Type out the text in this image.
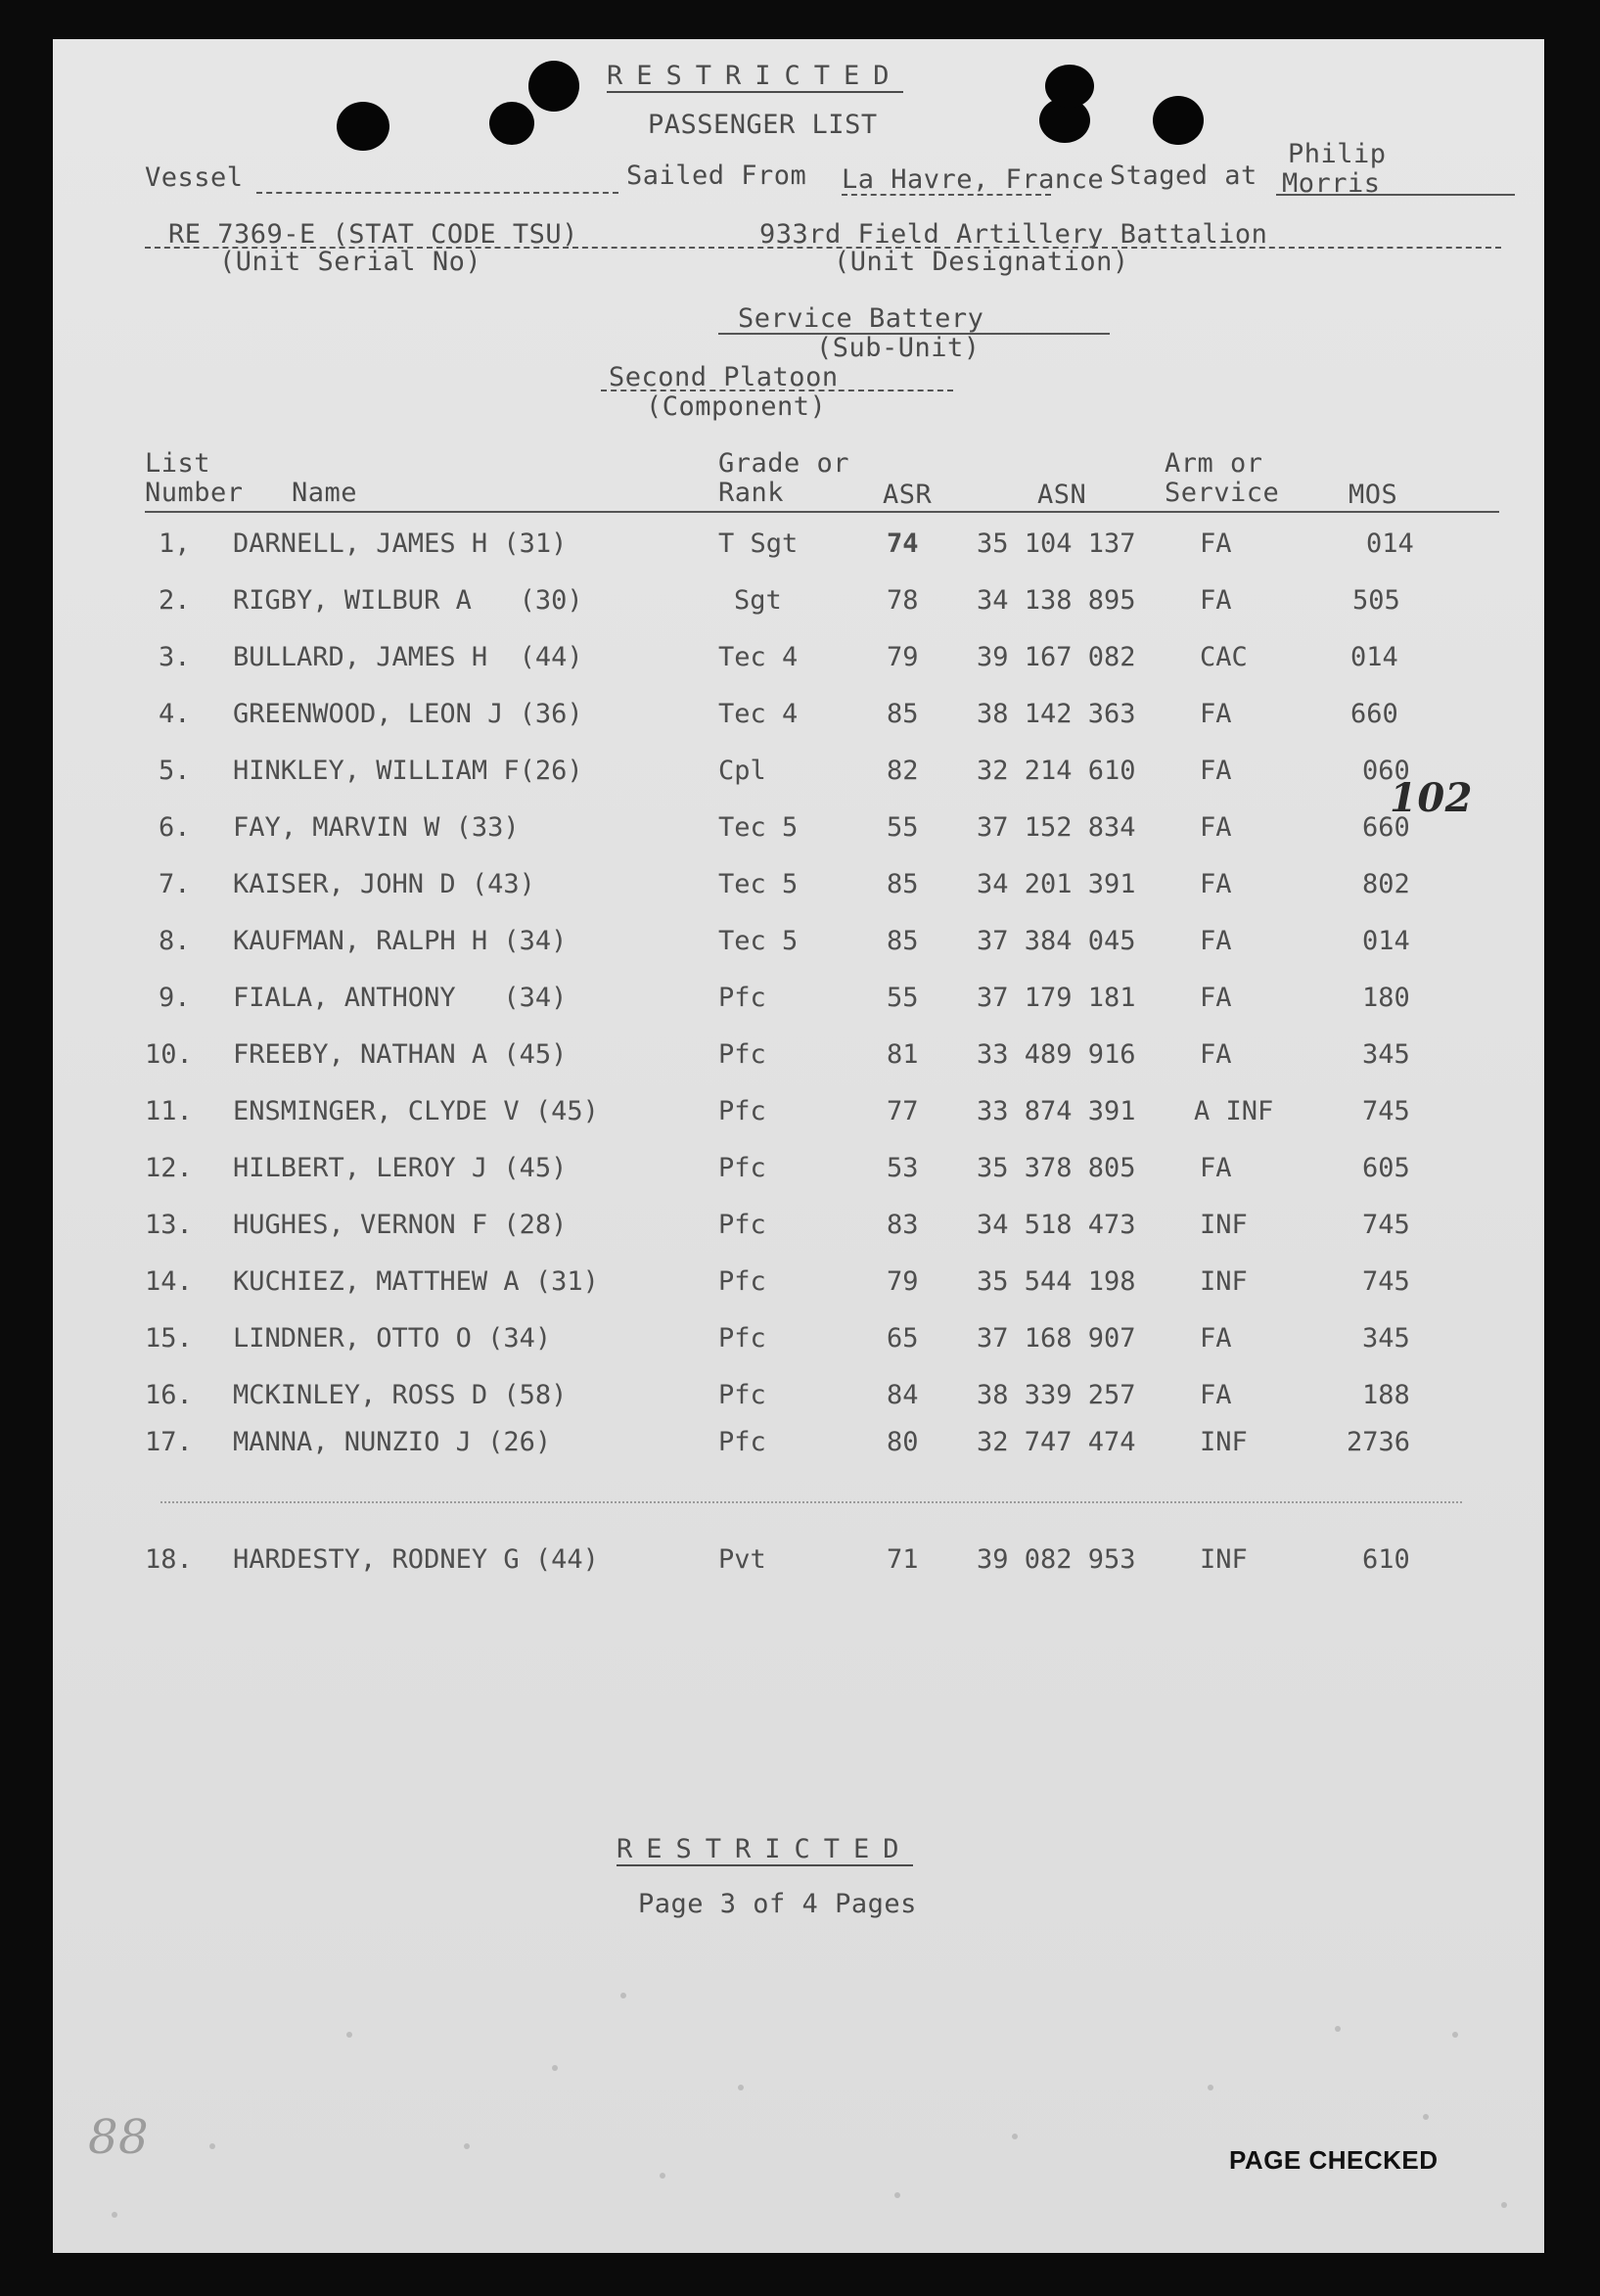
RESTRICTED
PASSENGER LIST
Vessel	Sailed From La Havre, France Staged at
Philip
Morris
RE 7369-E (STAT CODE TSU)
(Unit Serial No)
933rd Field Artillery Battalion
(Unit Designation)
Service Battery
(Sub-Unit)
Second Platoon
(Component)
List
Number Name
Grade or
Rank	ASR	ASN
Arm or
Service	MOS
1, DARNELL, JAMES H (31)	T Sgt	74 35 104 137 FA	014
2. RIGBY, WILBUR A   (30)	Sgt	78 34 138 895 FA	505
3. BULLARD, JAMES H  (44)	Tec 4	79 39 167 082 CAC	014
4. GREENWOOD, LEON J (36)	Tec 4	85 38 142 363 FA	660
5. HINKLEY, WILLIAM F(26)	Cpl	82 32 214 610 FA	060
6. FAY, MARVIN W (33)	Tec 5	55 37 152 834 FA	660
7. KAISER, JOHN D (43)	Tec 5	85 34 201 391 FA	802
8. KAUFMAN, RALPH H (34)	Tec 5	85 37 384 045 FA	014
9. FIALA, ANTHONY   (34)	Pfc	55 37 179 181 FA	180
10. FREEBY, NATHAN A (45)	Pfc	81 33 489 916 FA	345
11. ENSMINGER, CLYDE V (45)	Pfc	77 33 874 391 A INF	745
12. HILBERT, LEROY J (45)	Pfc	53 35 378 805 FA	605
13. HUGHES, VERNON F (28)	Pfc	83 34 518 473 INF	745
14. KUCHIEZ, MATTHEW A (31)	Pfc	79 35 544 198 INF	745
15. LINDNER, OTTO O (34)	Pfc	65 37 168 907 FA	345
16. MCKINLEY, ROSS D (58)	Pfc	84 38 339 257 FA	188
17. MANNA, NUNZIO J (26)	Pfc	80 32 747 474 INF	2736
18. HARDESTY, RODNEY G (44)	Pvt	71 39 082 953 INF	610
102
RESTRICTED
Page 3 of 4 Pages
88	PAGE CHECKED
